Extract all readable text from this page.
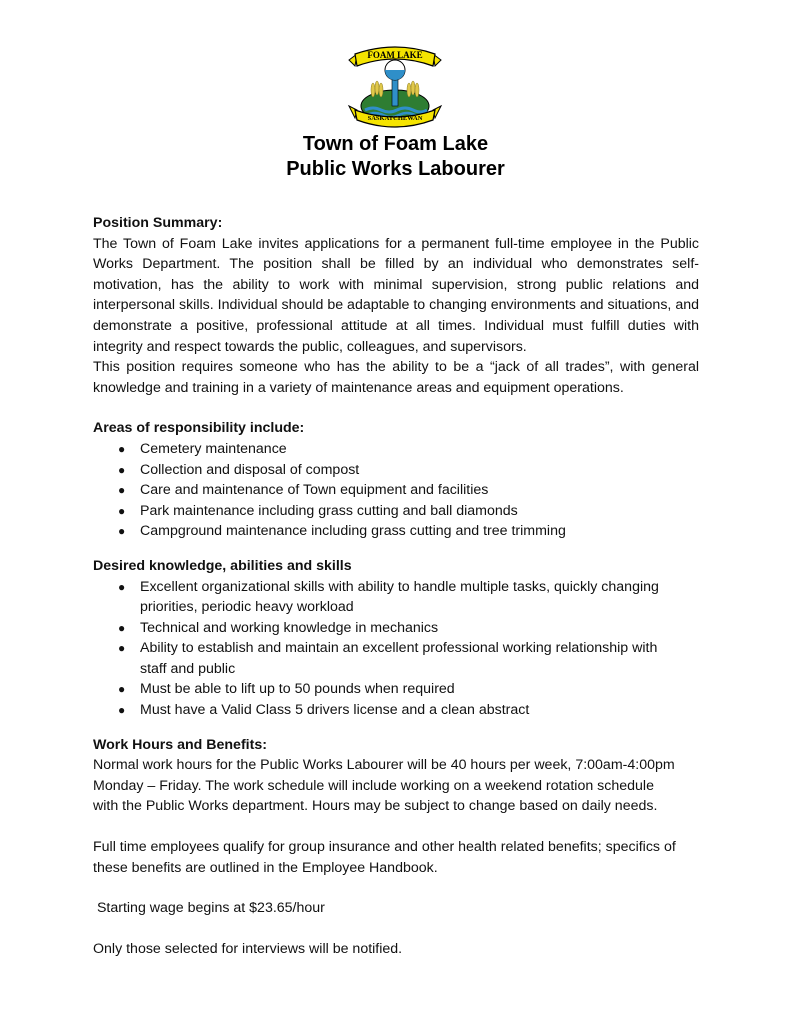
FOAM LAKE
SASKATCHEWAN
Town of Foam Lake
Public Works Labourer
Position Summary:

The Town of Foam Lake invites applications for a permanent full-time employee in the Public Works Department. The position shall be filled by an individual who demonstrates self-motivation, has the ability to work with minimal supervision, strong public relations and interpersonal skills. Individual should be adaptable to changing environments and situations, and demonstrate a positive, professional attitude at all times. Individual must fulfill duties with integrity and respect towards the public, colleagues, and supervisors.

This position requires someone who has the ability to be a “jack of all trades”, with general knowledge and training in a variety of maintenance areas and equipment operations.

Areas of responsibility include:
● Cemetery maintenance
● Collection and disposal of compost
● Care and maintenance of Town equipment and facilities
● Park maintenance including grass cutting and ball diamonds
● Campground maintenance including grass cutting and tree trimming
Desired knowledge, abilities and skills
● Excellent organizational skills with ability to handle multiple tasks, quickly changing priorities, periodic heavy workload
● Technical and working knowledge in mechanics
● Ability to establish and maintain an excellent professional working relationship with staff and public
● Must be able to lift up to 50 pounds when required
● Must have a Valid Class 5 drivers license and a clean abstract
Work Hours and Benefits:

Normal work hours for the Public Works Labourer will be 40 hours per week, 7:00am-4:00pm Monday – Friday. The work schedule will include working on a weekend rotation schedule with the Public Works department. Hours may be subject to change based on daily needs.

Full time employees qualify for group insurance and other health related benefits; specifics of these benefits are outlined in the Employee Handbook.

Starting wage begins at $23.65/hour

Only those selected for interviews will be notified.
